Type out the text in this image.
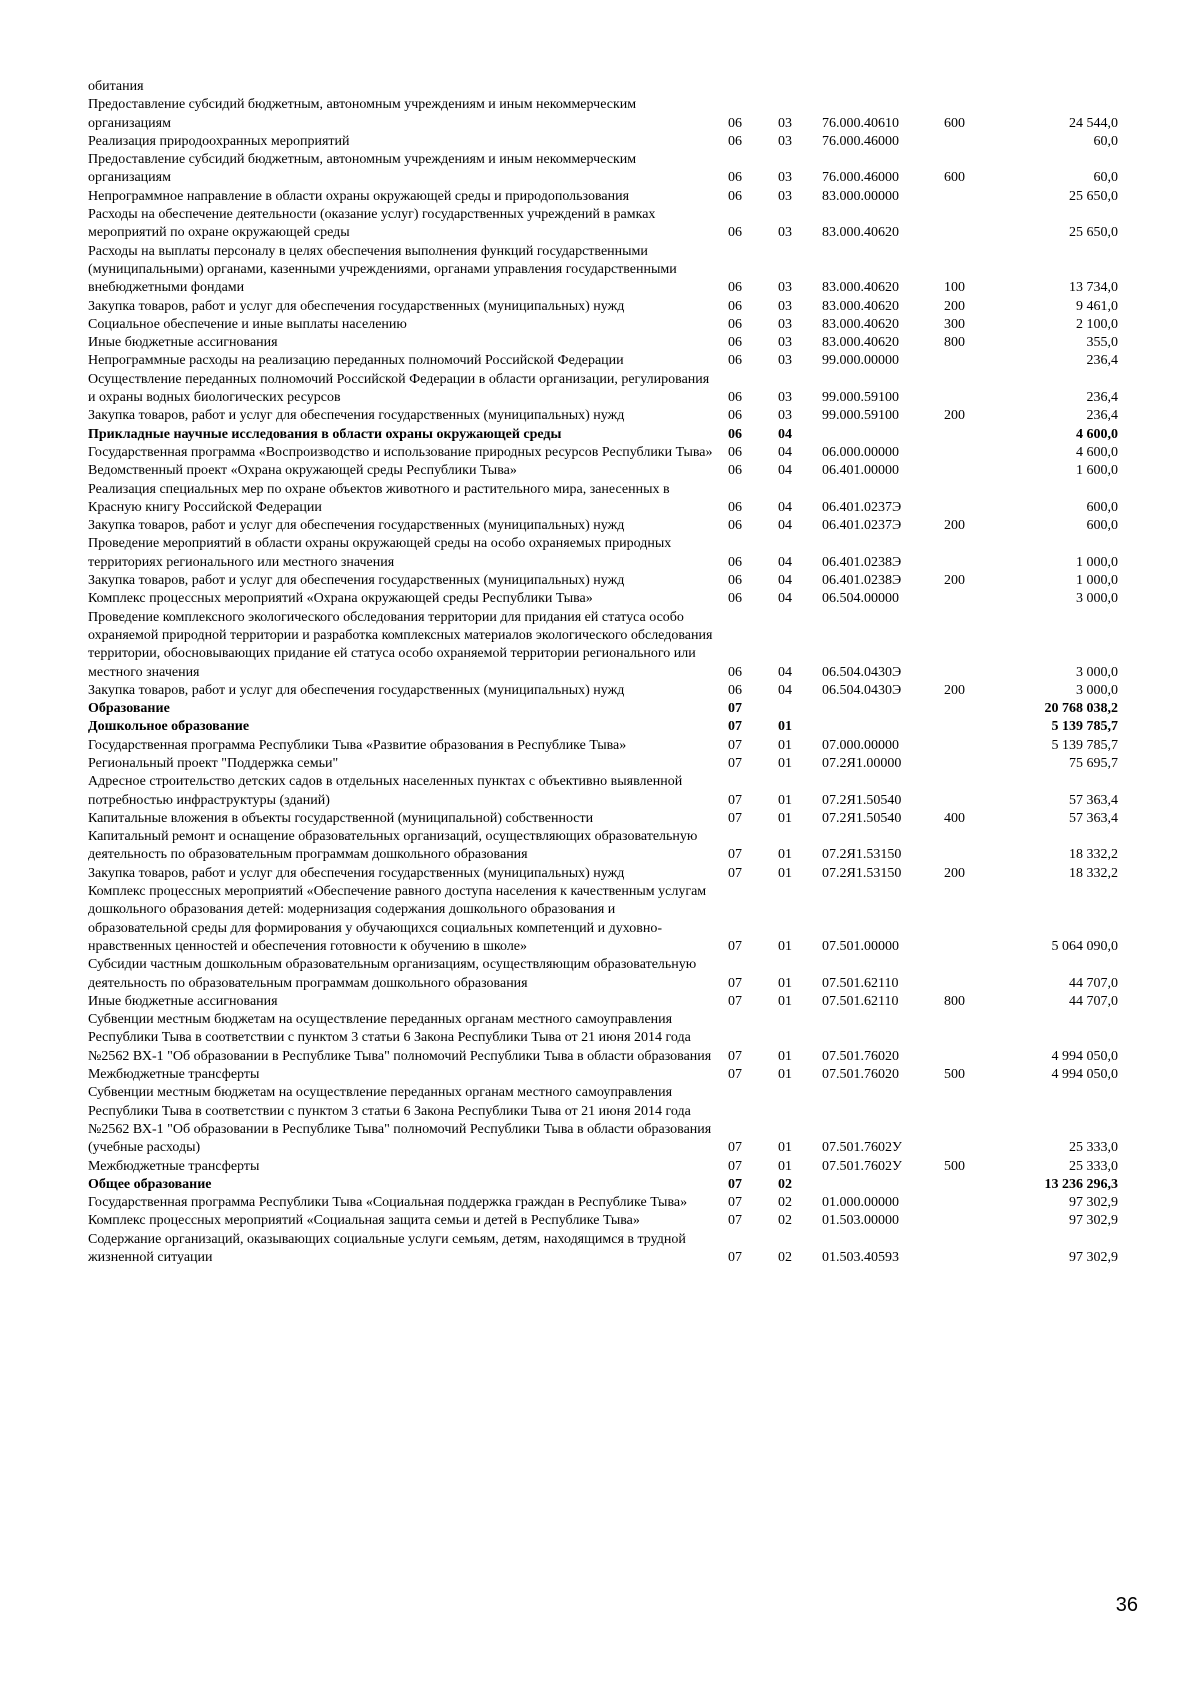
обитания					
Предоставление субсидий бюджетным, автономным учреждениям и иным некоммерческим организациям	06	03	76.000.40610	600	24 544,0
Реализация природоохранных мероприятий	06	03	76.000.46000		60,0
Предоставление субсидий бюджетным, автономным учреждениям и иным некоммерческим организациям	06	03	76.000.46000	600	60,0
Непрограммное направление в области охраны окружающей среды и природопользования	06	03	83.000.00000		25 650,0
Расходы на обеспечение деятельности (оказание услуг) государственных учреждений в рамках мероприятий по охране окружающей среды	06	03	83.000.40620		25 650,0
Расходы на выплаты персоналу в целях обеспечения выполнения функций государственными (муниципальными) органами, казенными учреждениями, органами управления государственными внебюджетными фондами	06	03	83.000.40620	100	13 734,0
Закупка товаров, работ и услуг для обеспечения государственных (муниципальных) нужд	06	03	83.000.40620	200	9 461,0
Социальное обеспечение и иные выплаты населению	06	03	83.000.40620	300	2 100,0
Иные бюджетные ассигнования	06	03	83.000.40620	800	355,0
Непрограммные расходы на реализацию переданных полномочий Российской Федерации	06	03	99.000.00000		236,4
Осуществление переданных полномочий Российской Федерации в области организации, регулирования и охраны водных биологических ресурсов	06	03	99.000.59100		236,4
Закупка товаров, работ и услуг для обеспечения государственных (муниципальных) нужд	06	03	99.000.59100	200	236,4
Прикладные научные исследования в области охраны окружающей среды	06	04			4 600,0
Государственная программа «Воспроизводство и использование природных ресурсов Республики Тыва»	06	04	06.000.00000		4 600,0
Ведомственный проект «Охрана окружающей среды Республики Тыва»	06	04	06.401.00000		1 600,0
Реализация специальных мер по охране объектов животного и растительного мира, занесенных в Красную книгу Российской Федерации	06	04	06.401.0237Э		600,0
Закупка товаров, работ и услуг для обеспечения государственных (муниципальных) нужд	06	04	06.401.0237Э	200	600,0
Проведение мероприятий в области охраны окружающей среды на особо охраняемых природных территориях регионального или местного значения	06	04	06.401.0238Э		1 000,0
Закупка товаров, работ и услуг для обеспечения государственных (муниципальных) нужд	06	04	06.401.0238Э	200	1 000,0
Комплекс процессных мероприятий «Охрана окружающей среды Республики Тыва»	06	04	06.504.00000		3 000,0
Проведение комплексного экологического обследования территории для придания ей статуса особо охраняемой природной территории и разработка комплексных материалов экологического обследования территории, обосновывающих придание ей статуса особо охраняемой территории регионального или местного значения	06	04	06.504.0430Э		3 000,0
Закупка товаров, работ и услуг для обеспечения государственных (муниципальных) нужд	06	04	06.504.0430Э	200	3 000,0
Образование	07				20 768 038,2
Дошкольное образование	07	01			5 139 785,7
Государственная программа Республики Тыва «Развитие образования в Республике Тыва»	07	01	07.000.00000		5 139 785,7
Региональный проект "Поддержка семьи"	07	01	07.2Я1.00000		75 695,7
Адресное строительство детских садов в отдельных населенных пунктах с объективно выявленной потребностью инфраструктуры (зданий)	07	01	07.2Я1.50540		57 363,4
Капитальные вложения в объекты государственной (муниципальной) собственности	07	01	07.2Я1.50540	400	57 363,4
Капитальный ремонт и оснащение образовательных организаций, осуществляющих образовательную деятельность по образовательным программам дошкольного образования	07	01	07.2Я1.53150		18 332,2
Закупка товаров, работ и услуг для обеспечения государственных (муниципальных) нужд	07	01	07.2Я1.53150	200	18 332,2
Комплекс процессных мероприятий «Обеспечение равного доступа населения к качественным услугам дошкольного образования детей: модернизация содержания дошкольного образования и образовательной среды для формирования у обучающихся социальных компетенций и духовно-нравственных ценностей и обеспечения готовности к обучению в школе»	07	01	07.501.00000		5 064 090,0
Субсидии частным дошкольным образовательным организациям, осуществляющим образовательную деятельность по образовательным программам дошкольного образования	07	01	07.501.62110		44 707,0
Иные бюджетные ассигнования	07	01	07.501.62110	800	44 707,0
Субвенции местным бюджетам на осуществление переданных органам местного самоуправления Республики Тыва в соответствии с пунктом 3 статьи 6 Закона Республики Тыва от 21 июня 2014 года №2562 ВХ-1 "Об образовании в Республике Тыва" полномочий Республики Тыва в области образования	07	01	07.501.76020		4 994 050,0
Межбюджетные трансферты	07	01	07.501.76020	500	4 994 050,0
Субвенции местным бюджетам на осуществление переданных органам местного самоуправления Республики Тыва в соответствии с пунктом 3 статьи 6 Закона Республики Тыва от 21 июня 2014 года №2562 ВХ-1 "Об образовании в Республике Тыва" полномочий Республики Тыва в области образования (учебные расходы)	07	01	07.501.7602У		25 333,0
Межбюджетные трансферты	07	01	07.501.7602У	500	25 333,0
Общее образование	07	02			13 236 296,3
Государственная программа Республики Тыва «Социальная поддержка граждан в Республике Тыва»	07	02	01.000.00000		97 302,9
Комплекс процессных мероприятий «Социальная защита семьи и детей в Республике Тыва»	07	02	01.503.00000		97 302,9
Содержание организаций, оказывающих социальные услуги семьям, детям, находящимся в трудной жизненной ситуации	07	02	01.503.40593		97 302,9
36
